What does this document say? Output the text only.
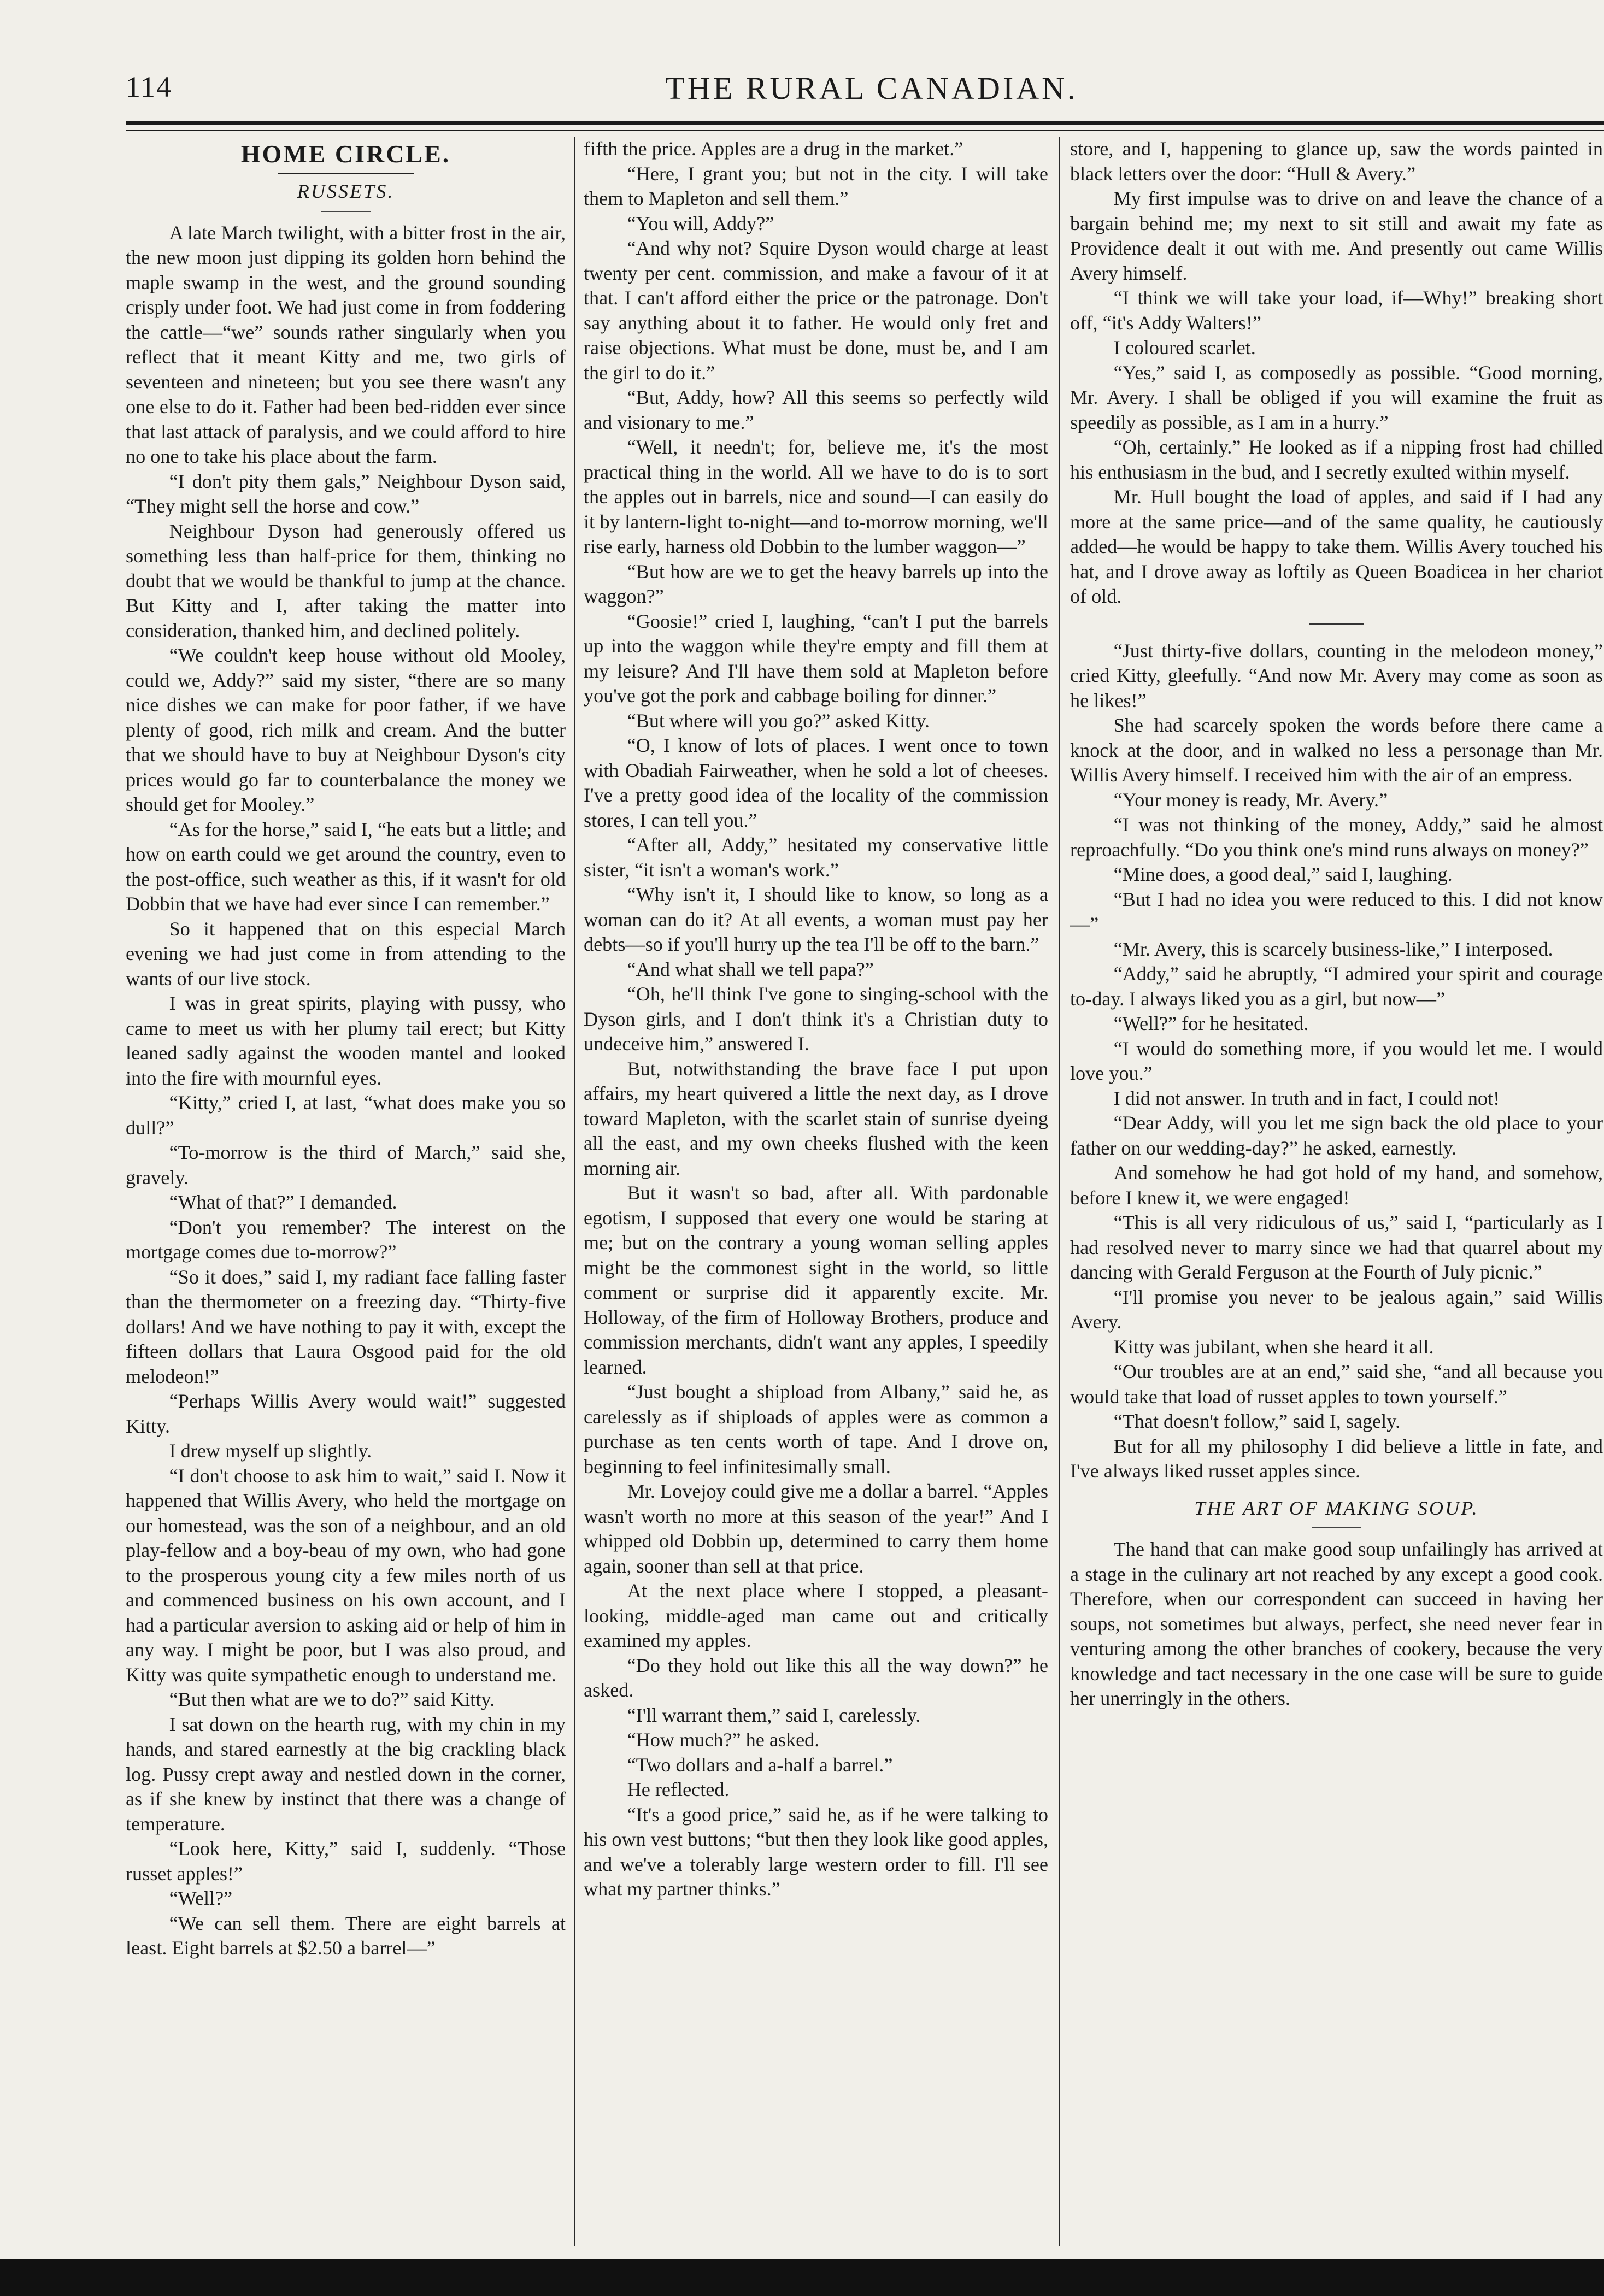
114	THE RURAL CANADIAN.
HOME CIRCLE.

RUSSETS.

A late March twilight, with a bitter frost in the air, the new moon just dipping its golden horn behind the maple swamp in the west, and the ground sounding crisply under foot. We had just come in from foddering the cattle—“we” sounds rather singularly when you reflect that it meant Kitty and me, two girls of seventeen and nineteen; but you see there wasn't any one else to do it. Father had been bed-ridden ever since that last attack of paralysis, and we could afford to hire no one to take his place about the farm.

“I don't pity them gals,” Neighbour Dyson said, “They might sell the horse and cow.”

Neighbour Dyson had generously offered us something less than half-price for them, thinking no doubt that we would be thankful to jump at the chance. But Kitty and I, after taking the matter into consideration, thanked him, and declined politely.

“We couldn't keep house without old Mooley, could we, Addy?” said my sister, “there are so many nice dishes we can make for poor father, if we have plenty of good, rich milk and cream. And the butter that we should have to buy at Neighbour Dyson's city prices would go far to counterbalance the money we should get for Mooley.”

“As for the horse,” said I, “he eats but a little; and how on earth could we get around the country, even to the post-office, such weather as this, if it wasn't for old Dobbin that we have had ever since I can remember.”

So it happened that on this especial March evening we had just come in from attending to the wants of our live stock.

I was in great spirits, playing with pussy, who came to meet us with her plumy tail erect; but Kitty leaned sadly against the wooden mantel and looked into the fire with mournful eyes.

“Kitty,” cried I, at last, “what does make you so dull?”

“To-morrow is the third of March,” said she, gravely.

“What of that?” I demanded.

“Don't you remember? The interest on the mortgage comes due to-morrow?”

“So it does,” said I, my radiant face falling faster than the thermometer on a freezing day. “Thirty-five dollars! And we have nothing to pay it with, except the fifteen dollars that Laura Osgood paid for the old melodeon!”

“Perhaps Willis Avery would wait!” suggested Kitty.

I drew myself up slightly.

“I don't choose to ask him to wait,” said I. Now it happened that Willis Avery, who held the mortgage on our homestead, was the son of a neighbour, and an old play-fellow and a boy-beau of my own, who had gone to the prosperous young city a few miles north of us and commenced business on his own account, and I had a particular aversion to asking aid or help of him in any way. I might be poor, but I was also proud, and Kitty was quite sympathetic enough to understand me.

“But then what are we to do?” said Kitty.

I sat down on the hearth rug, with my chin in my hands, and stared earnestly at the big crackling black log. Pussy crept away and nestled down in the corner, as if she knew by instinct that there was a change of temperature.

“Look here, Kitty,” said I, suddenly. “Those russet apples!”

“Well?”

“We can sell them. There are eight barrels at least. Eight barrels at $2.50 a barrel—”

fifth the price. Apples are a drug in the market.”

“Here, I grant you; but not in the city. I will take them to Mapleton and sell them.”

“You will, Addy?”

“And why not? Squire Dyson would charge at least twenty per cent. commission, and make a favour of it at that. I can't afford either the price or the patronage. Don't say anything about it to father. He would only fret and raise objections. What must be done, must be, and I am the girl to do it.”

“But, Addy, how? All this seems so perfectly wild and visionary to me.”

“Well, it needn't; for, believe me, it's the most practical thing in the world. All we have to do is to sort the apples out in barrels, nice and sound—I can easily do it by lantern-light to-night—and to-morrow morning, we'll rise early, harness old Dobbin to the lumber waggon—”

“But how are we to get the heavy barrels up into the waggon?”

“Goosie!” cried I, laughing, “can't I put the barrels up into the waggon while they're empty and fill them at my leisure? And I'll have them sold at Mapleton before you've got the pork and cabbage boiling for dinner.”

“But where will you go?” asked Kitty.

“O, I know of lots of places. I went once to town with Obadiah Fairweather, when he sold a lot of cheeses. I've a pretty good idea of the locality of the commission stores, I can tell you.”

“After all, Addy,” hesitated my conservative little sister, “it isn't a woman's work.”

“Why isn't it, I should like to know, so long as a woman can do it? At all events, a woman must pay her debts—so if you'll hurry up the tea I'll be off to the barn.”

“And what shall we tell papa?”

“Oh, he'll think I've gone to singing-school with the Dyson girls, and I don't think it's a Christian duty to undeceive him,” answered I.

But, notwithstanding the brave face I put upon affairs, my heart quivered a little the next day, as I drove toward Mapleton, with the scarlet stain of sunrise dyeing all the east, and my own cheeks flushed with the keen morning air.

But it wasn't so bad, after all. With pardonable egotism, I supposed that every one would be staring at me; but on the contrary a young woman selling apples might be the commonest sight in the world, so little comment or surprise did it apparently excite. Mr. Holloway, of the firm of Holloway Brothers, produce and commission merchants, didn't want any apples, I speedily learned.

“Just bought a shipload from Albany,” said he, as carelessly as if shiploads of apples were as common a purchase as ten cents worth of tape. And I drove on, beginning to feel infinitesimally small.

Mr. Lovejoy could give me a dollar a barrel. “Apples wasn't worth no more at this season of the year!” And I whipped old Dobbin up, determined to carry them home again, sooner than sell at that price.

At the next place where I stopped, a pleasant-looking, middle-aged man came out and critically examined my apples.

“Do they hold out like this all the way down?” he asked.

“I'll warrant them,” said I, carelessly.

“How much?” he asked.

“Two dollars and a-half a barrel.”

He reflected.

“It's a good price,” said he, as if he were talking to his own vest buttons; “but then they look like good apples, and we've a tolerably large western order to fill. I'll see what my partner thinks.”

store, and I, happening to glance up, saw the words painted in black letters over the door: “Hull & Avery.”

My first impulse was to drive on and leave the chance of a bargain behind me; my next to sit still and await my fate as Providence dealt it out with me. And presently out came Willis Avery himself.

“I think we will take your load, if—Why!” breaking short off, “it's Addy Walters!”

I coloured scarlet.

“Yes,” said I, as composedly as possible. “Good morning, Mr. Avery. I shall be obliged if you will examine the fruit as speedily as possible, as I am in a hurry.”

“Oh, certainly.” He looked as if a nipping frost had chilled his enthusiasm in the bud, and I secretly exulted within myself.

Mr. Hull bought the load of apples, and said if I had any more at the same price—and of the same quality, he cautiously added—he would be happy to take them. Willis Avery touched his hat, and I drove away as loftily as Queen Boadicea in her chariot of old.

“Just thirty-five dollars, counting in the melodeon money,” cried Kitty, gleefully. “And now Mr. Avery may come as soon as he likes!”

She had scarcely spoken the words before there came a knock at the door, and in walked no less a personage than Mr. Willis Avery himself. I received him with the air of an empress.

“Your money is ready, Mr. Avery.”

“I was not thinking of the money, Addy,” said he almost reproachfully. “Do you think one's mind runs always on money?”

“Mine does, a good deal,” said I, laughing.

“But I had no idea you were reduced to this. I did not know—”

“Mr. Avery, this is scarcely business-like,” I interposed.

“Addy,” said he abruptly, “I admired your spirit and courage to-day. I always liked you as a girl, but now—”

“Well?” for he hesitated.

“I would do something more, if you would let me. I would love you.”

I did not answer. In truth and in fact, I could not!

“Dear Addy, will you let me sign back the old place to your father on our wedding-day?” he asked, earnestly.

And somehow he had got hold of my hand, and somehow, before I knew it, we were engaged!

“This is all very ridiculous of us,” said I, “particularly as I had resolved never to marry since we had that quarrel about my dancing with Gerald Ferguson at the Fourth of July picnic.”

“I'll promise you never to be jealous again,” said Willis Avery.

Kitty was jubilant, when she heard it all.

“Our troubles are at an end,” said she, “and all because you would take that load of russet apples to town yourself.”

“That doesn't follow,” said I, sagely.

But for all my philosophy I did believe a little in fate, and I've always liked russet apples since.

THE ART OF MAKING SOUP.

The hand that can make good soup unfailingly has arrived at a stage in the culinary art not reached by any except a good cook. Therefore, when our correspondent can succeed in having her soups, not sometimes but always, perfect, she need never fear in venturing among the other branches of cookery, because the very knowledge and tact necessary in the one case will be sure to guide her unerringly in the others.
